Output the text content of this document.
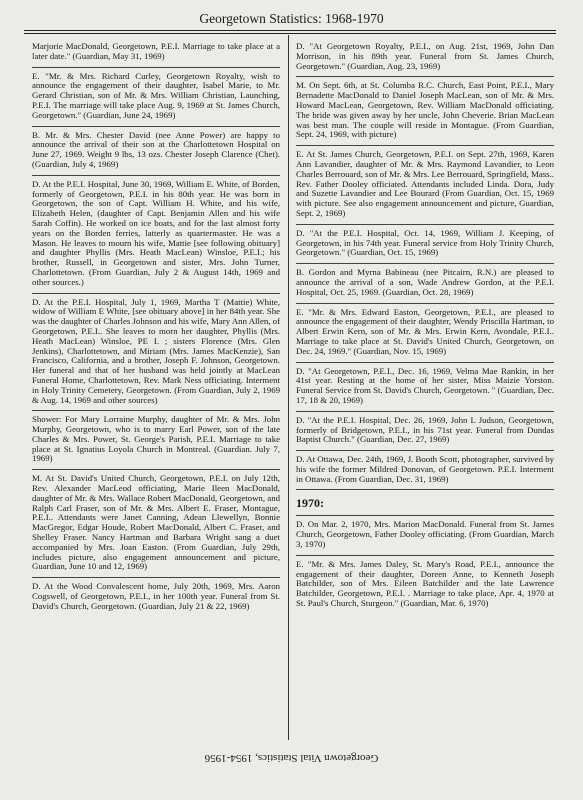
Georgetown Statistics: 1968-1970
Marjorie MacDonald, Georgetown, P.E.I. Marriage to take place at a later date." (Guardian, May 31, 1969)
E. "Mr. & Mrs. Richard Curley, Georgetown Royalty, wish to announce the engagement of their daughter, Isabel Marie, to Mr. Gerard Christian, son of Mr. & Mrs. William Christian, Launching, P.E.I. The marriage will take place Aug. 9, 1969 at St. James Church, Georgetown." (Guardian, June 24, 1969)
B. Mr. & Mrs. Chester David (nee Anne Power) are happy to announce the arrival of their son at the Charlottetown Hospital on June 27, 1969. Weight 9 lbs, 13 ozs. Chester Joseph Clarence (Chet). (Guardian, July 4, 1969)
D. At the P.E.I. Hospital, June 30, 1969, William E. White, of Borden, formerly of Georgetown, P.E.I. in his 80th year. He was born in Georgetown, the son of Capt. William H. White, and his wife, Elizabeth Helen, (daughter of Capt. Benjamin Allen and his wife Sarah Coffin). He worked on ice boats, and for the last almost forty years on the Borden ferries, latterly as quartermaster. He was a Mason. He leaves to mourn his wife, Mattie [see following obituary] and daughter Phyllis (Mrs. Heath MacLean) Winsloe, P.E.I.; his brother, Russell, in Georgetown and sister, Mrs. John Turner, Charlottetown. (From Guardian, July 2 & August 14th, 1969 and other sources.)
D. At the P.E.I. Hospital, July 1, 1969, Martha T (Mattie) White, widow of William E White, [see obituary above] in her 84th year. She was the daughter of Charles Johnson and his wife, Mary Ann Allen, of Georgetown, P.E.I.. She leaves to morn her daughter, Phyllis (Mrs. Heath MacLean) Winsloe, PE I. ; sisters Florence (Mrs. Glen Jenkins), Charlottetown, and Miriam (Mrs. James MacKenzie), San Francisco, California, and a brother, Joseph F. Johnson, Georgetown. Her funeral and that of her husband was held jointly at MacLean Funeral Home, Charlottetown, Rev. Mark Ness officiating. Interment in Holy Trinity Cemetery, Georgetown. (From Guardian, July 2, 1969 & Aug. 14, 1969 and other sources)
Shower: For Mary Lorraine Murphy, daughter of Mr. & Mrs. John Murphy, Georgetown, who is to marry Earl Power, son of the late Charles & Mrs. Power, St. George's Parish, P.E.I. Marriage to take place at St. Ignatius Loyola Church in Montreal. (Guardian. July 7, 1969)
M. At St. David's United Church, Georgetown, P.E.I. on July 12th, Rev. Alexander MacLeod officiating, Marie Ileen MacDonald, daughter of Mr. & Mrs. Wallace Robert MacDonald, Georgetown, and Ralph Carl Fraser, son of Mr. & Mrs. Albert E. Fraser, Montague, P.E.I.. Attendants were Janet Canning, Adean Llewellyn, Bonnie MacGregor, Edgar Houde, Robert MacDonald, Albert C. Fraser, and Shelley Fraser. Nancy Hartman and Barbara Wright sang a duet accompanied by Mrs. Joan Easton. (From Guardian, July 29th, includes picture, also engagement announcement and picture, Guardian, June 10 and 12, 1969)
D. At the Wood Convalescent home, July 20th, 1969, Mrs. Aaron Cogswell, of Georgetown, P.E.I., in her 100th year. Funeral from St. David's Church, Georgetown. (Guardian, July 21 & 22, 1969)
D. "At Georgetown Royalty, P.E.I., on Aug. 21st, 1969, John Dan Morrison, in his 89th year. Funeral from St. James Church, Georgetown." (Guardian, Aug. 23, 1969)
M. On Sept. 6th, at St. Columba R.C. Church, East Point, P.E.I., Mary Bernadette MacDonald to Daniel Joseph MacLean, son of Mr. & Mrs. Howard MacLean, Georgetown, Rev. William MacDonald officiating. The bride was given away by her uncle, John Cheverie. Brian MacLean was best man. The couple will reside in Montague. (From Guardian, Sept. 24, 1969, with picture)
E. At St. James Church, Georgetown, P.E.I. on Sept. 27th, 1969, Karen Ann Lavandier, daughter of Mr. & Mrs. Raymond Lavandier, to Leon Charles Berrouard, son of Mr. & Mrs. Lee Berrouard, Springfield, Mass.. Rev. Father Dooley officiated. Attendants included Linda. Dora, Judy and Suzette Lavandier and Lee Bourard (From Guardian, Oct. 15, 1969 with picture. See also engagement announcement and picture, Guardian, Sept. 2, 1969)
D. "At the P.E.I. Hospital, Oct. 14, 1969, William J. Keeping, of Georgetown, in his 74th year. Funeral service from Holy Trinity Church, Georgetown." (Guardian, Oct. 15, 1969)
B. Gordon and Myrna Babineau (nee Pitcairn, R.N.) are pleased to announce the arrival of a son, Wade Andrew Gordon, at the P.E.I. Hospital, Oct. 25, 1969. (Guardian, Oct. 28, 1969)
E. "Mr. & Mrs. Edward Easton, Georgetown, P.E.I., are pleased to announce the engagement of their daughter, Wendy Priscilla Hartman, to Albert Erwin Kern, son of Mr. & Mrs. Erwin Kern, Avondale, P.E.I.. Marriage to take place at St. David's United Church, Georgetown, on Dec. 24, 1969." (Guardian, Nov. 15, 1969)
D. "At Georgetown, P.E.I., Dec. 16, 1969, Velma Mae Rankin, in her 41st year. Resting at the home of her sister, Miss Maizie Yorston. Funeral Service from St. David's Church, Georgetown. " (Guardian, Dec. 17, 18 & 20, 1969)
D. "At the P.E.I. Hospital, Dec. 26, 1969, John L Judson, Georgetown, formerly of Bridgetown, P.E.I., in his 71st year. Funeral from Dundas Baptist Church." (Guardian, Dec. 27, 1969)
D. At Ottawa, Dec. 24th, 1969, J. Booth Scott, photographer, survived by his wife the former Mildred Donovan, of Georgetown. P.E.I. Interment in Ottawa. (From Guardian, Dec. 31, 1969)
1970:
D. On Mar. 2, 1970, Mrs. Marion MacDonald. Funeral from St. James Church, Georgetown, Father Dooley officiating. (From Guardian, March 3, 1970)
E. "Mr. & Mrs. James Daley, St. Mary's Road, P.E.I., announce the engagement of their daughter, Doreen Anne, to Kenneth Joseph Batchilder, son of Mrs. Eileen Batchilder and the late Lawrence Batchilder, Georgetown, P.E.I. . Marriage to take place, Apr. 4, 1970 at St. Paul's Church, Sturgeon." (Guardian, Mar. 6, 1970)
Georgetown Vital Statistics, 1954-1956
